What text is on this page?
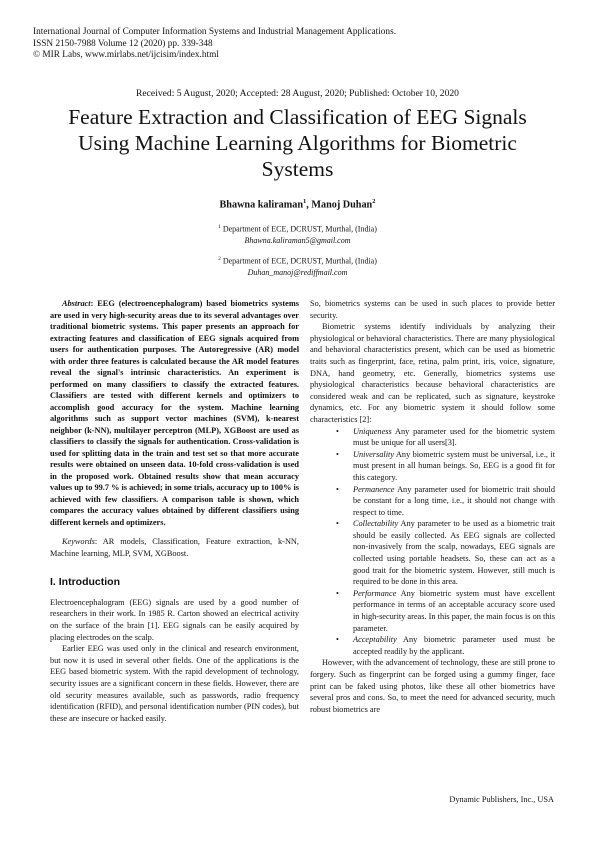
International Journal of Computer Information Systems and Industrial Management Applications.
ISSN 2150-7988 Volume 12 (2020) pp. 339-348
© MIR Labs, www.mirlabs.net/ijcisim/index.html
Received: 5 August, 2020; Accepted: 28 August, 2020; Published: October 10, 2020
Feature Extraction and Classification of EEG Signals Using Machine Learning Algorithms for Biometric Systems
Bhawna kaliraman$^1$, Manoj Duhan$^2$
$^1$ Department of ECE, DCRUST, Murthal, (India)
Bhawna.kaliraman5@gmail.com
$^2$ Department of ECE, DCRUST, Murthal, (India)
Duhan_manoj@rediffmail.com

Abstract: EEG (electroencephalogram) based biometrics systems are used in very high-security areas due to its several advantages over traditional biometric systems. This paper presents an approach for extracting features and classification of EEG signals acquired from users for authentication purposes. The Autoregressive (AR) model with order three features is calculated because the AR model features reveal the signal's intrinsic characteristics. An experiment is performed on many classifiers to classify the extracted features. Classifiers are tested with different kernels and optimizers to accomplish good accuracy for the system. Machine learning algorithms such as support vector machines (SVM), k-nearest neighbor (k-NN), multilayer perceptron (MLP), XGBoost are used as classifiers to classify the signals for authentication. Cross-validation is used for splitting data in the train and test set so that more accurate results were obtained on unseen data. 10-fold cross-validation is used in the proposed work. Obtained results show that mean accuracy values up to 99.7 % is achieved; in some trials, accuracy up to 100% is achieved with few classifiers. A comparison table is shown, which compares the accuracy values obtained by different classifiers using different kernels and optimizers.

Keywords: AR models, Classification, Feature extraction, k-NN, Machine learning, MLP, SVM, XGBoost.

I. Introduction

Electroencephalogram (EEG) signals are used by a good number of researchers in their work. In 1985 R. Carton showed an electrical activity on the surface of the brain [1]. EEG signals can be easily acquired by placing electrodes on the scalp.

Earlier EEG was used only in the clinical and research environment, but now it is used in several other fields. One of the applications is the EEG based biometric system. With the rapid development of technology, security issues are a significant concern in these fields. However, there are old security measures available, such as passwords, radio frequency identification (RFID), and personal identification number (PIN codes), but these are insecure or hacked easily.

So, biometrics systems can be used in such places to provide better security.

Biometric systems identify individuals by analyzing their physiological or behavioral characteristics. There are many physiological and behavioral characteristics present, which can be used as biometric traits such as fingerprint, face, retina, palm print, iris, voice, signature, DNA, hand geometry, etc. Generally, biometrics systems use physiological characteristics because behavioral characteristics are considered weak and can be replicated, such as signature, keystroke dynamics, etc. For any biometric system it should follow some characteristics [2]:

• Uniqueness Any parameter used for the biometric system must be unique for all users[3].
• Universality Any biometric system must be universal, i.e., it must present in all human beings. So, EEG is a good fit for this category.
• Permanence Any parameter used for biometric trait should be constant for a long time, i.e., it should not change with respect to time.
• Collectability Any parameter to be used as a biometric trait should be easily collected. As EEG signals are collected non-invasively from the scalp, nowadays, EEG signals are collected using portable headsets. So, these can act as a good trait for the biometric system. However, still much is required to be done in this area.
• Performance Any biometric system must have excellent performance in terms of an acceptable accuracy score used in high-security areas. In this paper, the main focus is on this parameter.
• Acceptability Any biometric parameter used must be accepted readily by the applicant.

However, with the advancement of technology, these are still prone to forgery. Such as fingerprint can be forged using a gummy finger, face print can be faked using photos, like these all other biometrics have several pros and cons. So, to meet the need for advanced security, much robust biometrics are

Dynamic Publishers, Inc., USA
